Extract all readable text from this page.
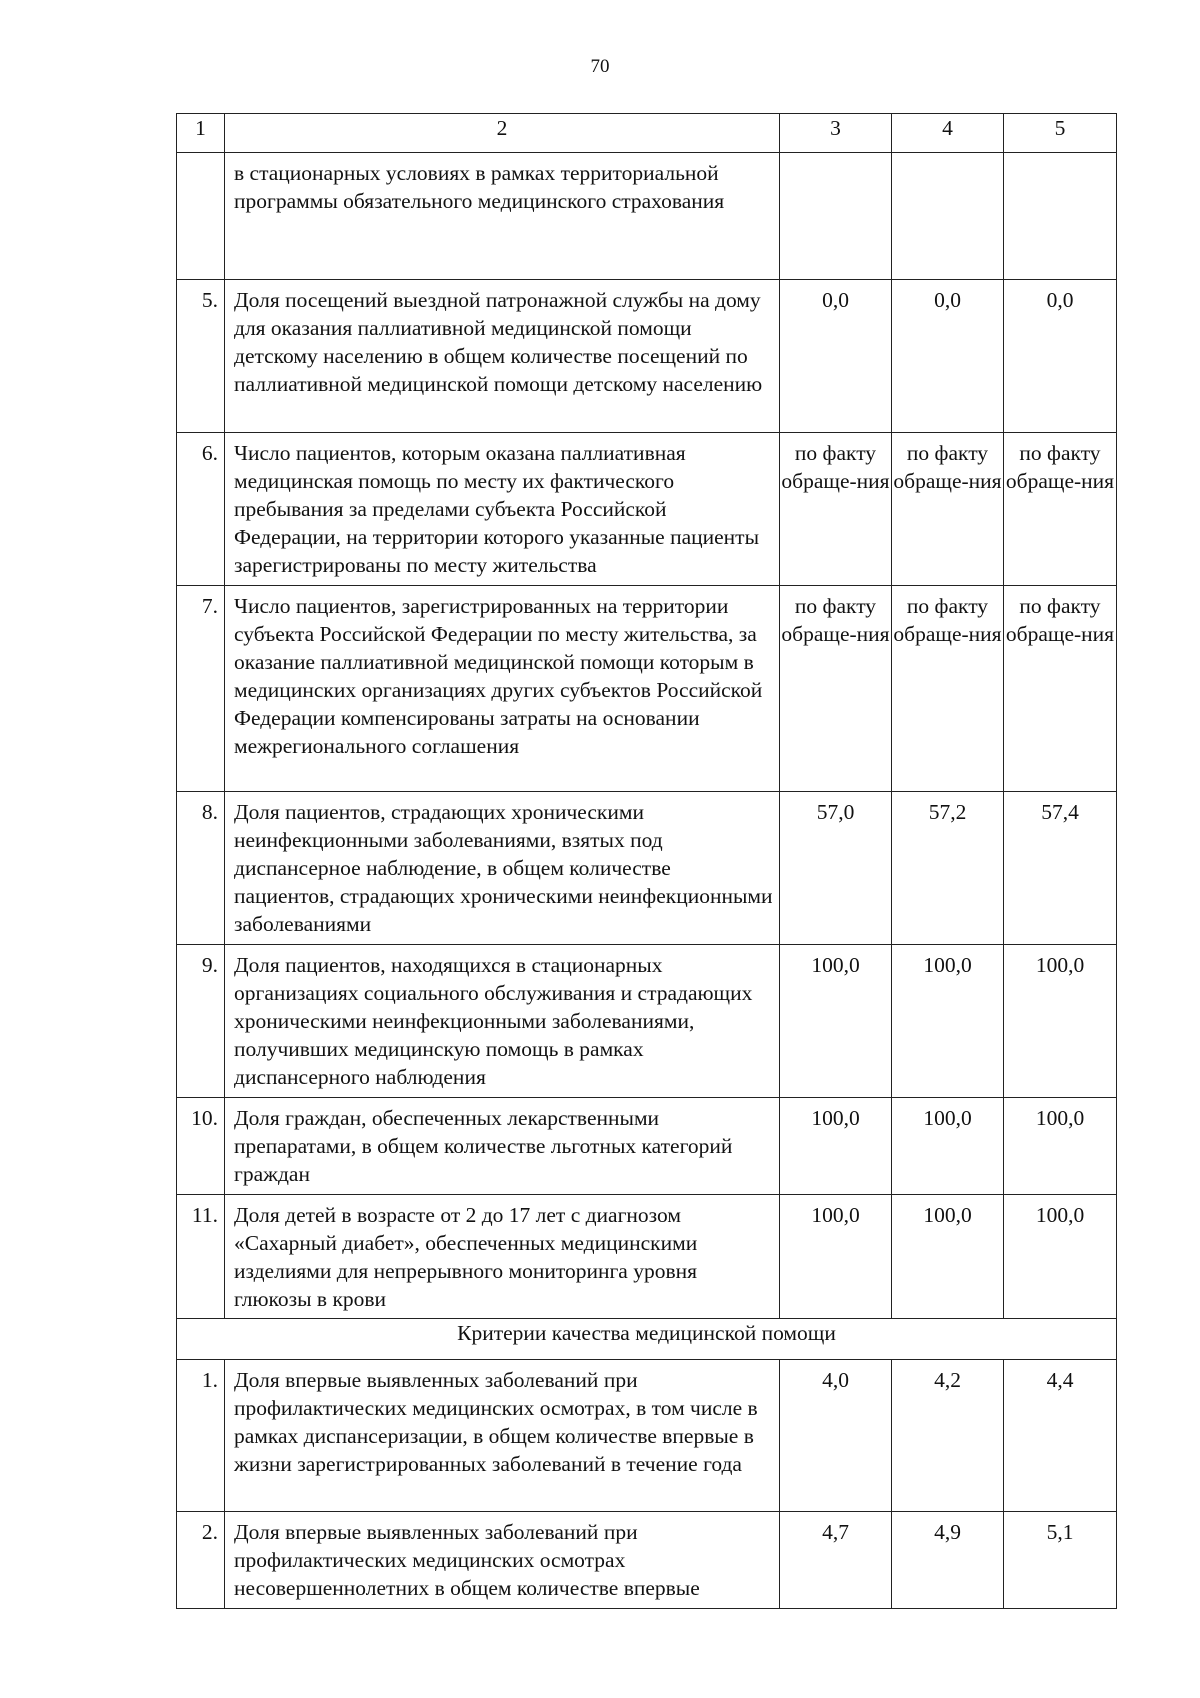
70
1	2	3	4	5
	в стационарных условиях в рамках территориальной программы обязательного медицинского страхования			
5.	Доля посещений выездной патронажной службы на дому для оказания паллиативной медицинской помощи детскому населению в общем количестве посещений по паллиативной медицинской помощи детскому населению	0,0	0,0	0,0
6.	Число пациентов, которым оказана паллиативная медицинская помощь по месту их фактического пребывания за пределами субъекта Российской Федерации, на территории которого указанные пациенты зарегистрированы по месту жительства	по факту обраще-ния	по факту обраще-ния	по факту обраще-ния
7.	Число пациентов, зарегистрированных на территории субъекта Российской Федерации по месту жительства, за оказание паллиативной медицинской помощи которым в медицинских организациях других субъектов Российской Федерации компенсированы затраты на основании межрегионального соглашения	по факту обраще-ния	по факту обраще-ния	по факту обраще-ния
8.	Доля пациентов, страдающих хроническими неинфекционными заболеваниями, взятых под диспансерное наблюдение, в общем количестве пациентов, страдающих хроническими неинфекционными заболеваниями	57,0	57,2	57,4
9.	Доля пациентов, находящихся в стационарных организациях социального обслуживания и страдающих хроническими неинфекционными заболеваниями, получивших медицинскую помощь в рамках диспансерного наблюдения	100,0	100,0	100,0
10.	Доля граждан, обеспеченных лекарственными препаратами, в общем количестве льготных категорий граждан	100,0	100,0	100,0
11.	Доля детей в возрасте от 2 до 17 лет с диагнозом «Сахарный диабет», обеспеченных медицинскими изделиями для непрерывного мониторинга уровня глюкозы в крови	100,0	100,0	100,0
Критерии качества медицинской помощи				
1.	Доля впервые выявленных заболеваний при профилактических медицинских осмотрах, в том числе в рамках диспансеризации, в общем количестве впервые в жизни зарегистрированных заболеваний в течение года	4,0	4,2	4,4
2.	Доля впервые выявленных заболеваний при профилактических медицинских осмотрах несовершеннолетних в общем количестве впервые	4,7	4,9	5,1
